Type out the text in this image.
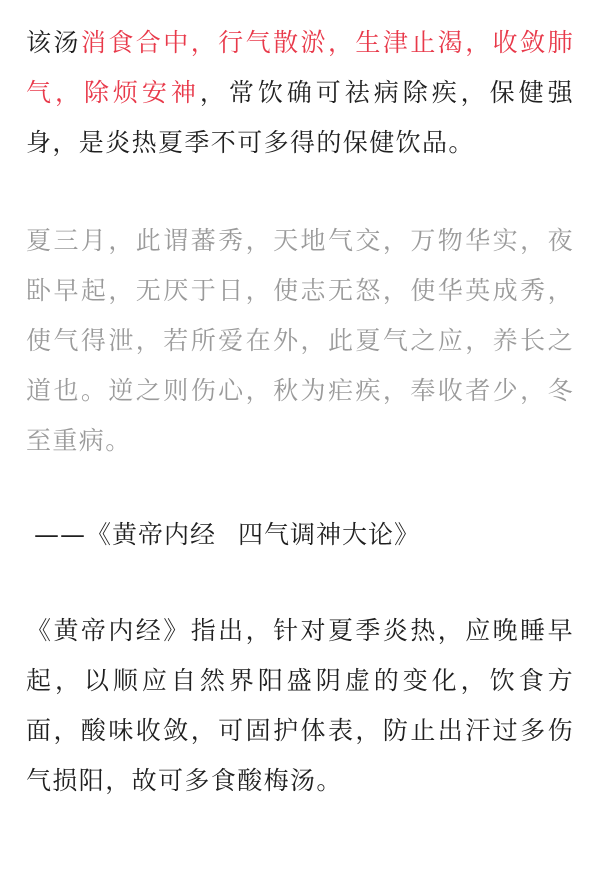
该汤消食合中，行气散淤，生津止渴，收敛肺气，除烦安神，常饮确可祛病除疾，保健强身，是炎热夏季不可多得的保健饮品。

夏三月，此谓蕃秀，天地气交，万物华实，夜卧早起，无厌于日，使志无怒，使华英成秀，使气得泄，若所爱在外，此夏气之应，养长之道也。逆之则伤心，秋为疟疾，奉收者少，冬至重病。

——《黄帝内经 四气调神大论》

《黄帝内经》指出，针对夏季炎热，应晚睡早起，以顺应自然界阳盛阴虚的变化，饮食方面，酸味收敛，可固护体表，防止出汗过多伤气损阳，故可多食酸梅汤。
